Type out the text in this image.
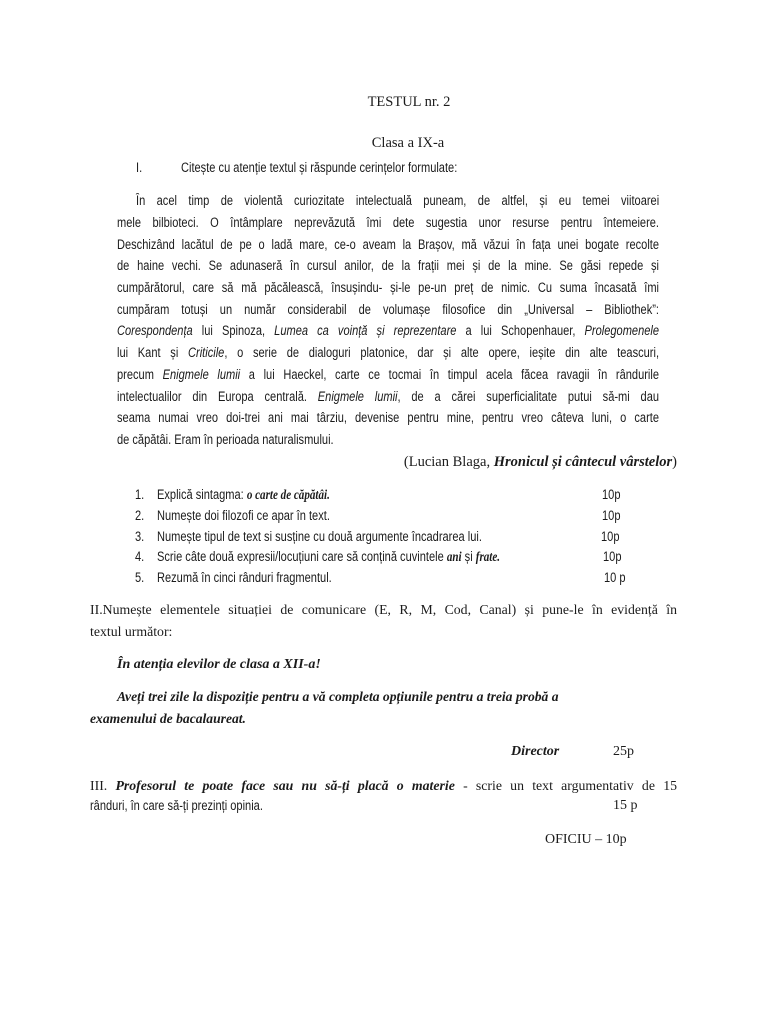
TESTUL nr. 2
Clasa a IX-a
I.	Citește cu atenție textul și răspunde cerințelor formulate:
În acel timp de violentă curiozitate intelectuală puneam, de altfel, și eu temei viitoarei
mele bilbioteci. O întâmplare neprevăzută îmi dete sugestia unor resurse pentru întemeiere.
Deschizând lacătul de pe o ladă mare, ce-o aveam la Brașov, mă văzui în fața unei bogate recolte
de haine vechi. Se adunaseră în cursul anilor, de la frații mei și de la mine. Se găsi repede și
cumpărătorul, care să mă păcălească, însușindu- și-le pe-un preț de nimic. Cu suma încasată îmi
cumpăram totuși un număr considerabil de volumașe filosofice din „Universal – Bibliothek”:
Corespondența lui Spinoza, Lumea ca voință și reprezentare a lui Schopenhauer, Prolegomenele
lui Kant și Criticile, o serie de dialoguri platonice, dar și alte opere, ieșite din alte teascuri,
precum Enigmele lumii a lui Haeckel, carte ce tocmai în timpul acela făcea ravagii în rândurile
intelectualilor din Europa centrală. Enigmele lumii, de a cărei superficialitate putui să-mi dau
seama numai vreo doi-trei ani mai târziu, devenise pentru mine, pentru vreo câteva luni, o carte
de căpătâi. Eram în perioada naturalismului.
(Lucian Blaga, Hronicul și cântecul vârstelor)
1. Explică sintagma: o carte de căpătâi.	10p
2. Numește doi filozofi ce apar în text.	10p
3. Numește tipul de text si susține cu două argumente încadrarea lui.	10p
4. Scrie câte două expresii/locuțiuni care să conțină cuvintele ani și frate.	10p
5. Rezumă în cinci rânduri fragmentul.	10 p
II.Numește elementele situației de comunicare (E, R, M, Cod, Canal) și pune-le în evidență în
textul următor:
În atenția elevilor de clasa a XII-a!
Aveți trei zile la dispoziție pentru a vă completa opțiunile pentru a treia probă a
examenului de bacalaureat.
Director	25p
III. Profesorul te poate face sau nu să-ți placă o materie - scrie un text argumentativ de 15
rânduri, în care să-ți prezinți opinia.	15 p
OFICIU – 10p
